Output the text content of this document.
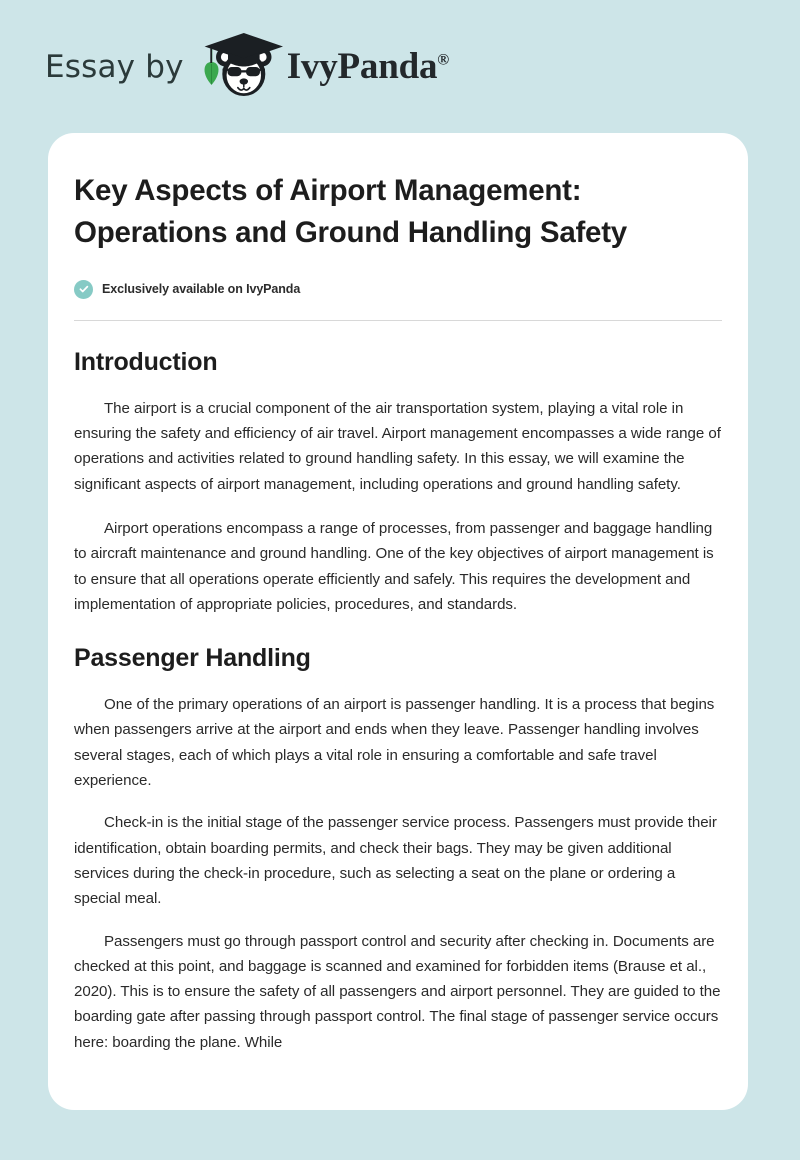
Essay by	IvyPanda®
Key Aspects of Airport Management: Operations and Ground Handling Safety
Exclusively available on IvyPanda
Introduction

The airport is a crucial component of the air transportation system, playing a vital role in ensuring the safety and efficiency of air travel. Airport management encompasses a wide range of operations and activities related to ground handling safety. In this essay, we will examine the significant aspects of airport management, including operations and ground handling safety.

Airport operations encompass a range of processes, from passenger and baggage handling to aircraft maintenance and ground handling. One of the key objectives of airport management is to ensure that all operations operate efficiently and safely. This requires the development and implementation of appropriate policies, procedures, and standards.

Passenger Handling

One of the primary operations of an airport is passenger handling. It is a process that begins when passengers arrive at the airport and ends when they leave. Passenger handling involves several stages, each of which plays a vital role in ensuring a comfortable and safe travel experience.

Check-in is the initial stage of the passenger service process. Passengers must provide their identification, obtain boarding permits, and check their bags. They may be given additional services during the check-in procedure, such as selecting a seat on the plane or ordering a special meal.

Passengers must go through passport control and security after checking in. Documents are checked at this point, and baggage is scanned and examined for forbidden items (Brause et al., 2020). This is to ensure the safety of all passengers and airport personnel. They are guided to the boarding gate after passing through passport control. The final stage of passenger service occurs here: boarding the plane. While
